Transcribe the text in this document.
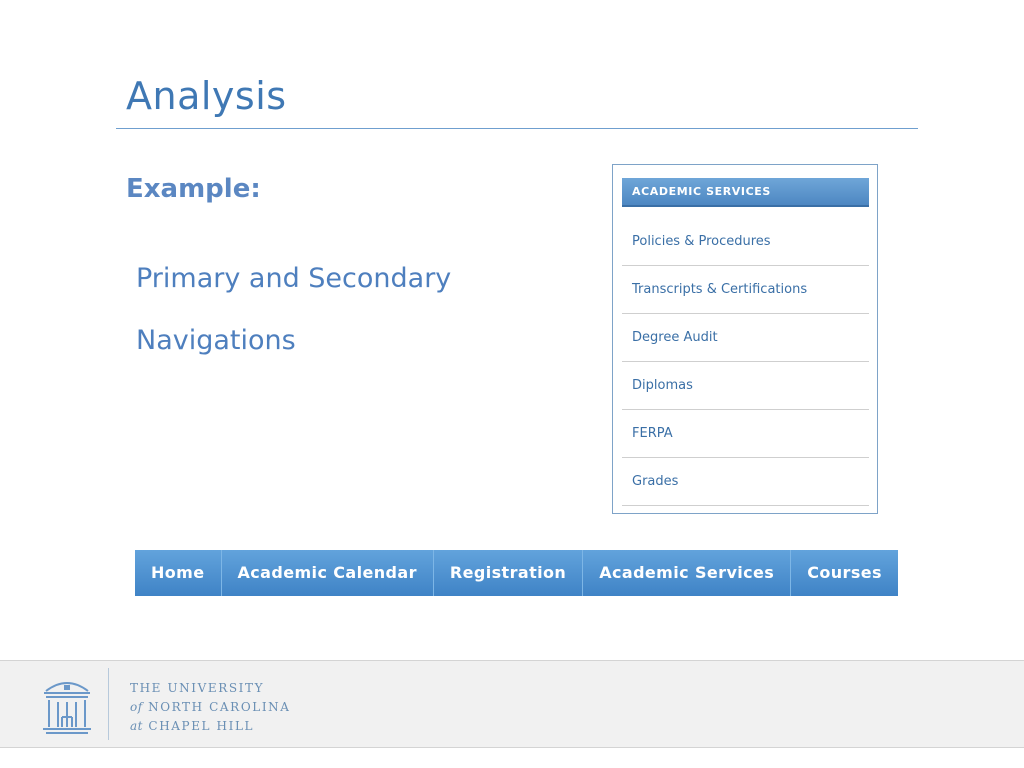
Analysis
Example:
Primary and Secondary
Navigations
ACADEMIC SERVICES
Policies & Procedures
Transcripts & Certifications
Degree Audit
Diplomas
FERPA
Grades
Home	Academic Calendar	Registration	Academic Services	Courses
THE UNIVERSITY
of NORTH CAROLINA
at CHAPEL HILL
